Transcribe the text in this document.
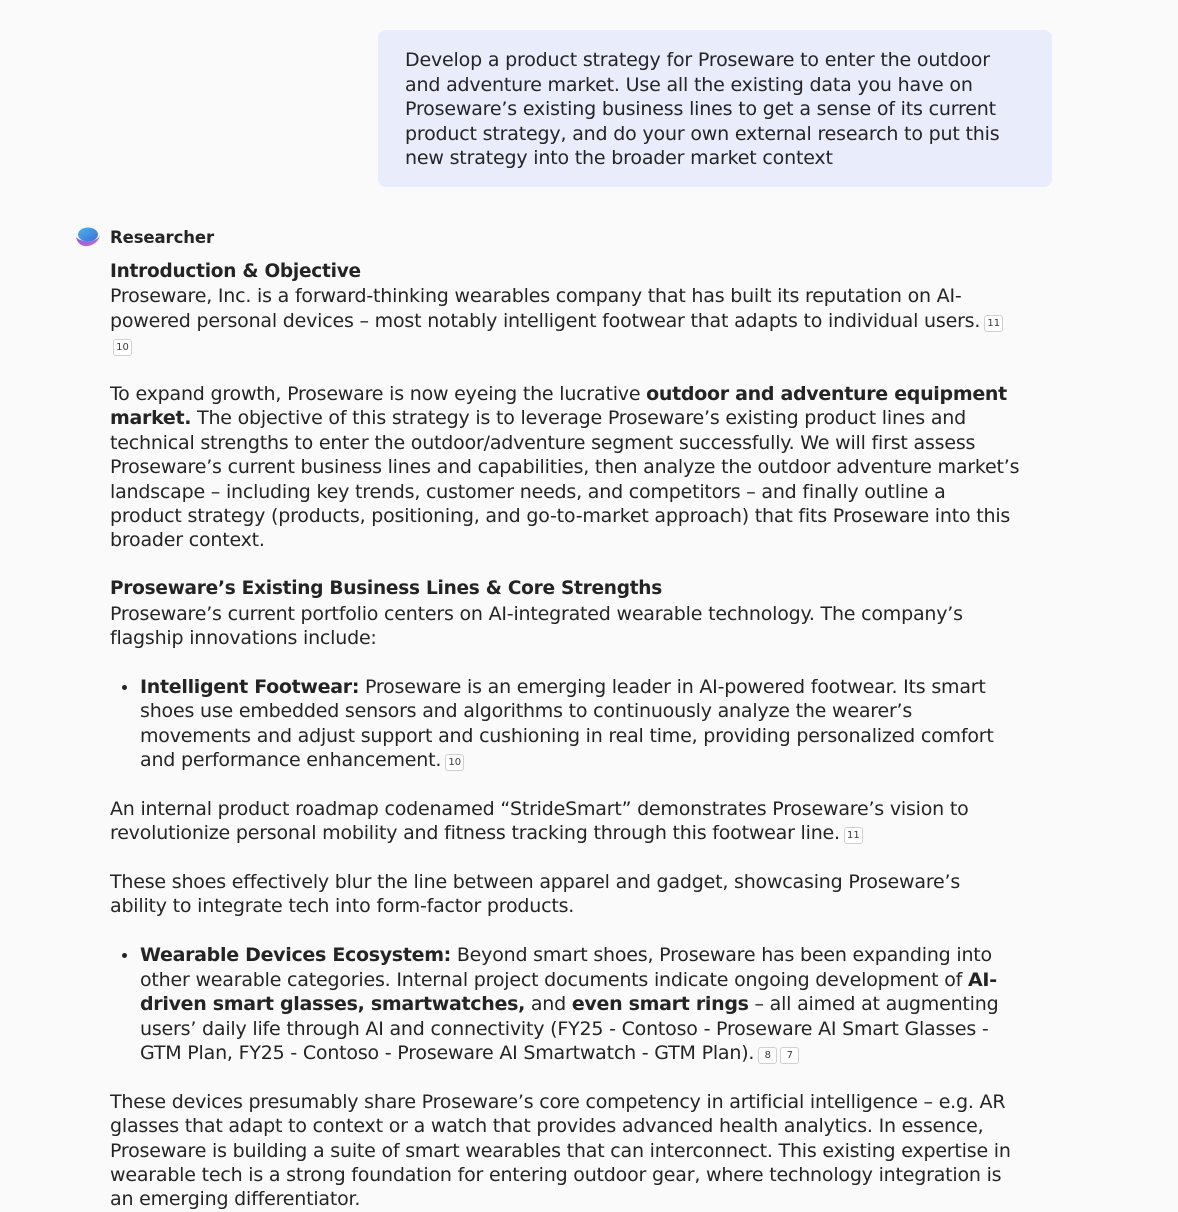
Develop a product strategy for Proseware to enter the outdoor and adventure market. Use all the existing data you have on Proseware’s existing business lines to get a sense of its current product strategy, and do your own external research to put this new strategy into the broader market context
Researcher

Introduction & Objective

Proseware, Inc. is a forward-thinking wearables company that has built its reputation on AI-powered personal devices – most notably intelligent footwear that adapts to individual users. 1110

To expand growth, Proseware is now eyeing the lucrative outdoor and adventure equipment market. The objective of this strategy is to leverage Proseware’s existing product lines and technical strengths to enter the outdoor/adventure segment successfully. We will first assess Proseware’s current business lines and capabilities, then analyze the outdoor adventure market’s landscape – including key trends, customer needs, and competitors – and finally outline a product strategy (products, positioning, and go-to-market approach) that fits Proseware into this broader context.

Proseware’s Existing Business Lines & Core Strengths

Proseware’s current portfolio centers on AI-integrated wearable technology. The company’s flagship innovations include:

Intelligent Footwear: Proseware is an emerging leader in AI-powered footwear. Its smart shoes use embedded sensors and algorithms to continuously analyze the wearer’s movements and adjust support and cushioning in real time, providing personalized comfort and performance enhancement. 10

An internal product roadmap codenamed “StrideSmart” demonstrates Proseware’s vision to revolutionize personal mobility and fitness tracking through this footwear line. 11

These shoes effectively blur the line between apparel and gadget, showcasing Proseware’s ability to integrate tech into form-factor products.

Wearable Devices Ecosystem: Beyond smart shoes, Proseware has been expanding into other wearable categories. Internal project documents indicate ongoing development of AI-driven smart glasses, smartwatches, and even smart rings – all aimed at augmenting users’ daily life through AI and connectivity (FY25 - Contoso - Proseware AI Smart Glasses - GTM Plan, FY25 - Contoso - Proseware AI Smartwatch - GTM Plan). 8 7

These devices presumably share Proseware’s core competency in artificial intelligence – e.g. AR glasses that adapt to context or a watch that provides advanced health analytics. In essence, Proseware is building a suite of smart wearables that can interconnect. This existing expertise in wearable tech is a strong foundation for entering outdoor gear, where technology integration is an emerging differentiator.
